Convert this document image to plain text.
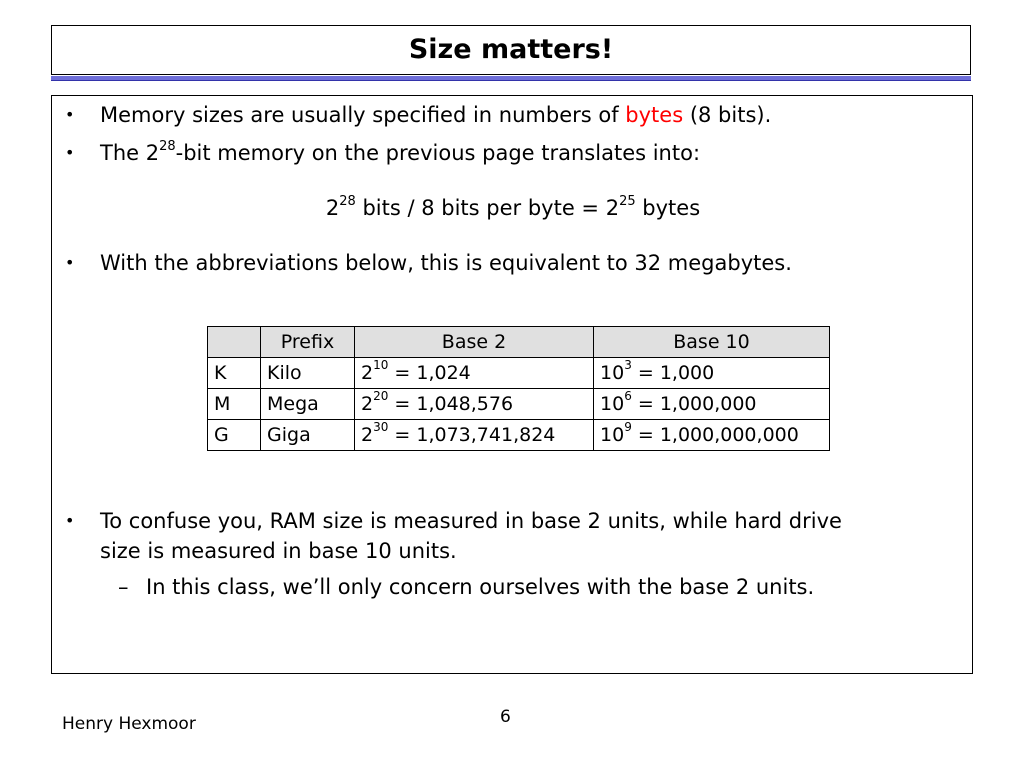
Size matters!
• Memory sizes are usually specified in numbers of bytes (8 bits).
• The $2^{28}$-bit memory on the previous page translates into:
$2^{28}$ bits / 8 bits per byte = $2^{25}$ bytes
• With the abbreviations below, this is equivalent to 32 megabytes.
	Prefix	Base 2	Base 10
K	Kilo	$2^{10} = 1,024$	$10^3 = 1,000$
M	Mega	$2^{20} = 1,048,576$	$10^6 = 1,000,000$
G	Giga	$2^{30} = 1,073,741,824$	$10^9 = 1,000,000,000$
• To confuse you, RAM size is measured in base 2 units, while hard drive
size is measured in base 10 units.
– In this class, we’ll only concern ourselves with the base 2 units.
Henry Hexmoor	6
